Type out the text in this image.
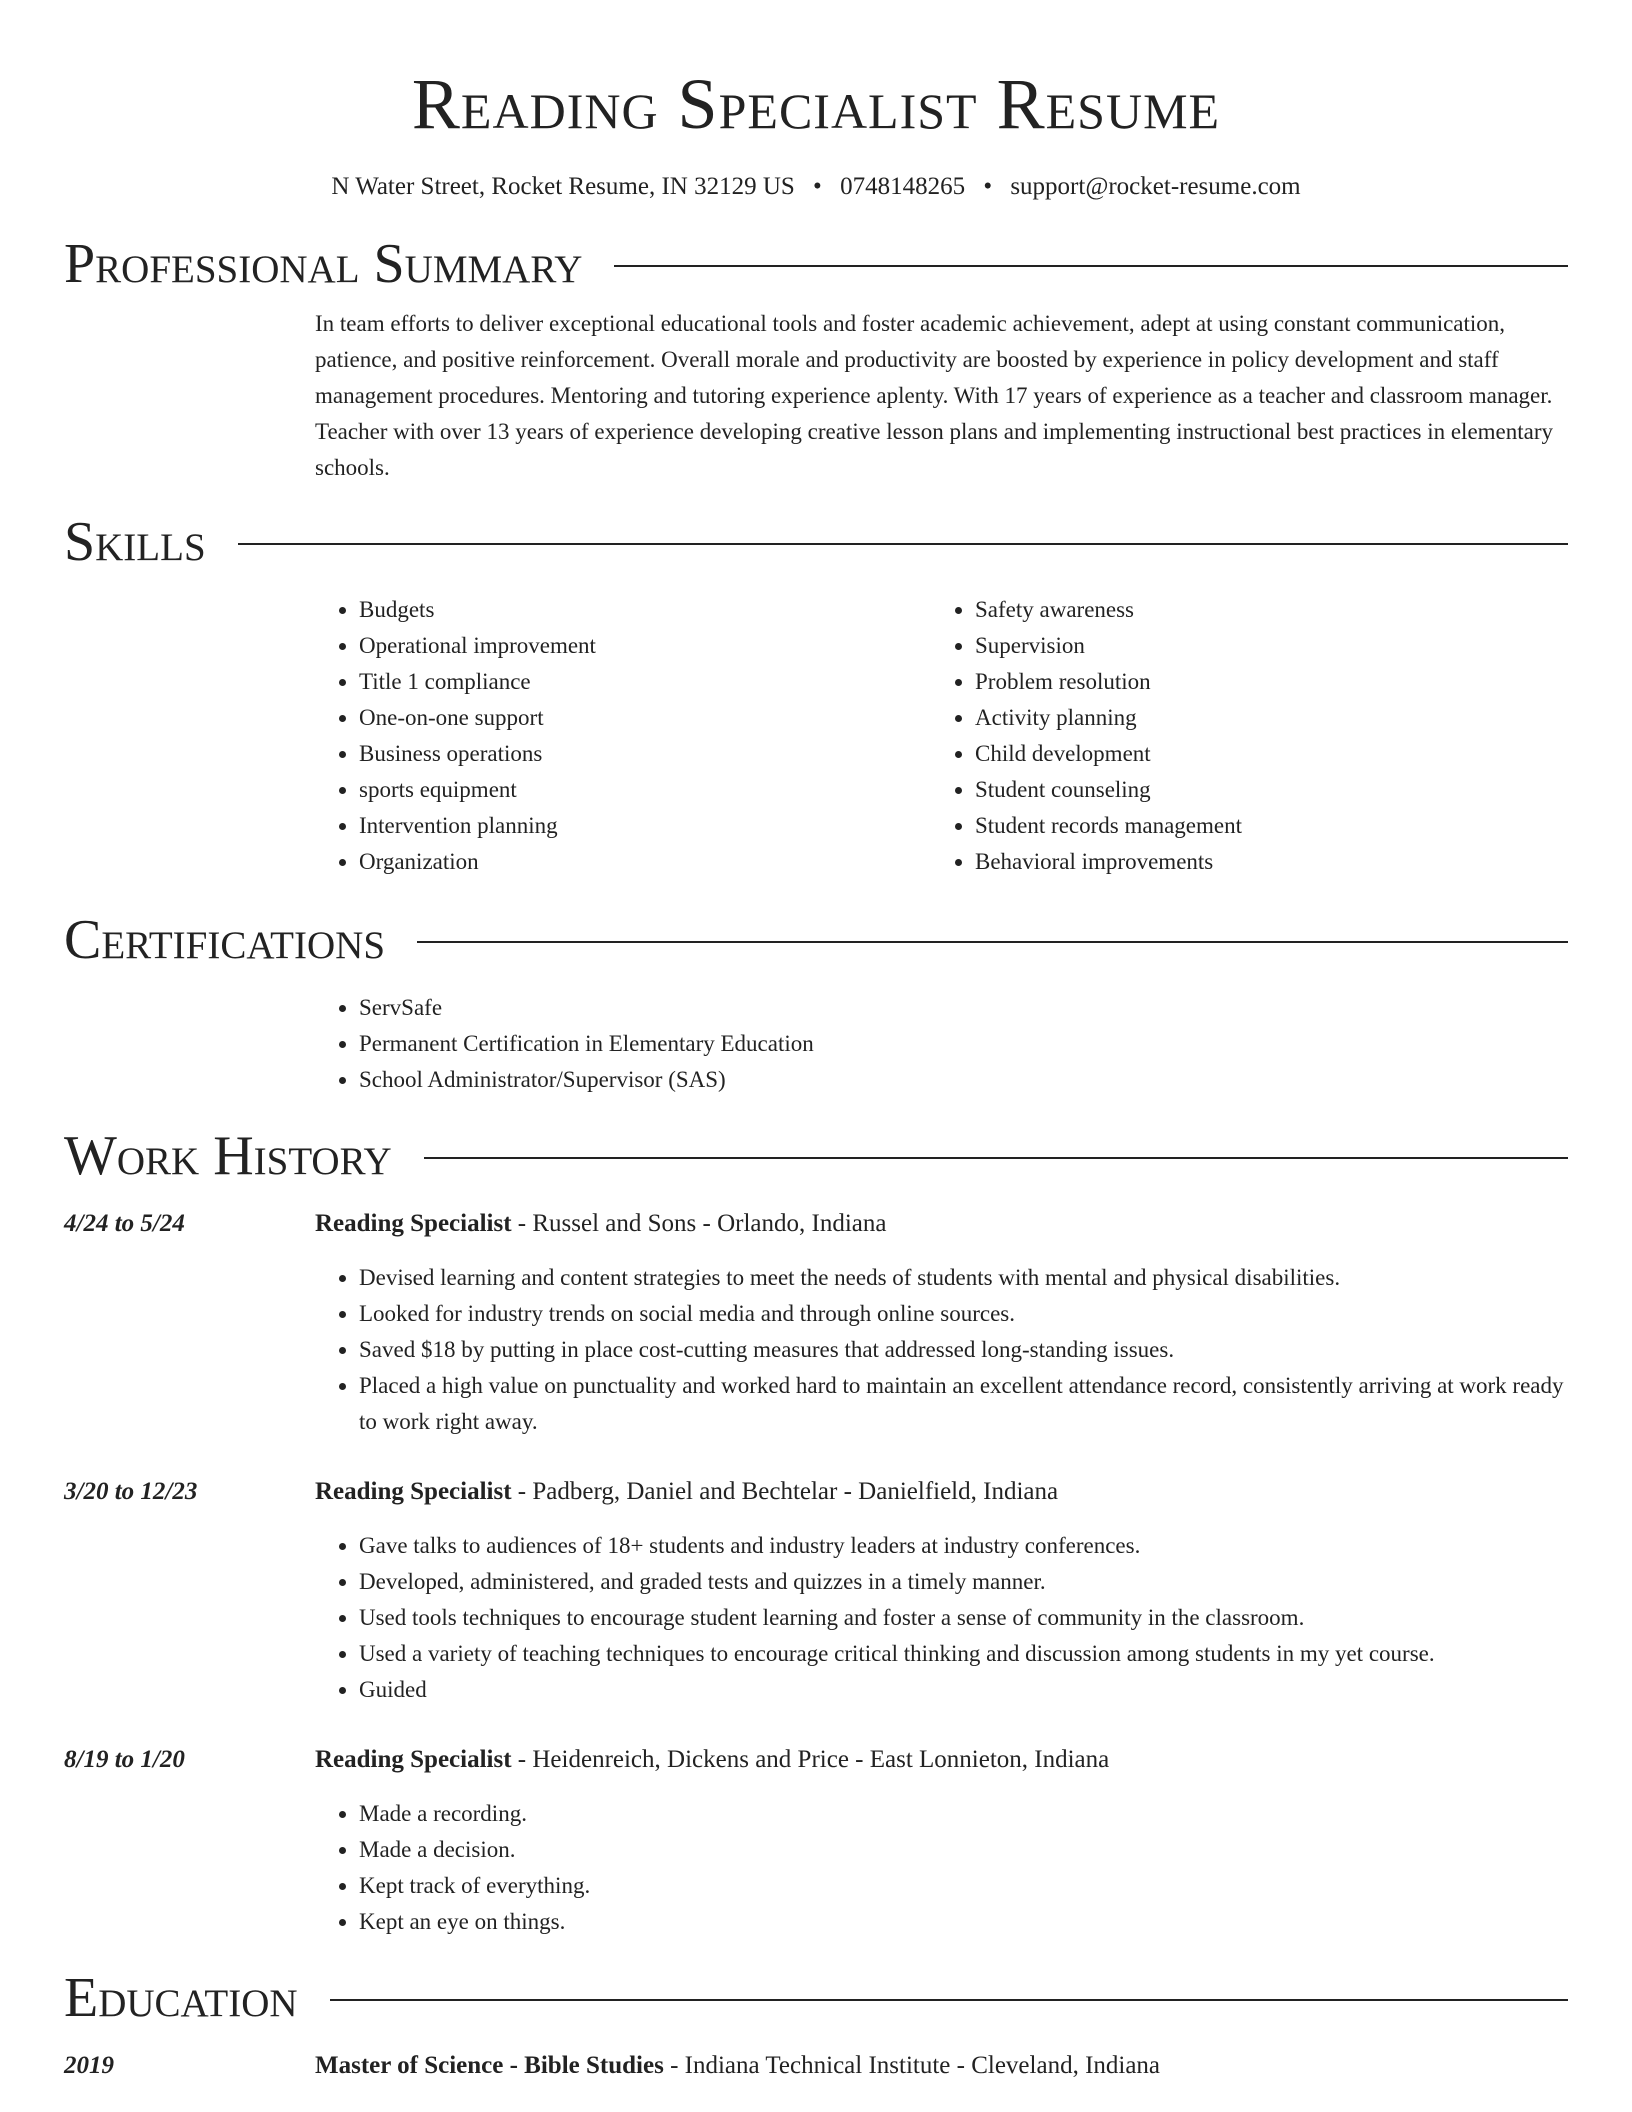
Reading Specialist Resume
N Water Street, Rocket Resume, IN 32129 US • 0748148265 • support@rocket-resume.com
Professional Summary
In team efforts to deliver exceptional educational tools and foster academic achievement, adept at using constant communication, patience, and positive reinforcement. Overall morale and productivity are boosted by experience in policy development and staff management procedures. Mentoring and tutoring experience aplenty. With 17 years of experience as a teacher and classroom manager. Teacher with over 13 years of experience developing creative lesson plans and implementing instructional best practices in elementary schools.
Skills
• Budgets
• Operational improvement
• Title 1 compliance
• One-on-one support
• Business operations
• sports equipment
• Intervention planning
• Organization
• Safety awareness
• Supervision
• Problem resolution
• Activity planning
• Child development
• Student counseling
• Student records management
• Behavioral improvements
Certifications
• ServSafe
• Permanent Certification in Elementary Education
• School Administrator/Supervisor (SAS)
Work History
4/24 to 5/24	Reading Specialist - Russel and Sons - Orlando, Indiana
• Devised learning and content strategies to meet the needs of students with mental and physical disabilities.
• Looked for industry trends on social media and through online sources.
• Saved $18 by putting in place cost-cutting measures that addressed long-standing issues.
• Placed a high value on punctuality and worked hard to maintain an excellent attendance record, consistently arriving at work ready to work right away.
3/20 to 12/23	Reading Specialist - Padberg, Daniel and Bechtelar - Danielfield, Indiana
• Gave talks to audiences of 18+ students and industry leaders at industry conferences.
• Developed, administered, and graded tests and quizzes in a timely manner.
• Used tools techniques to encourage student learning and foster a sense of community in the classroom.
• Used a variety of teaching techniques to encourage critical thinking and discussion among students in my yet course.
• Guided
8/19 to 1/20	Reading Specialist - Heidenreich, Dickens and Price - East Lonnieton, Indiana
• Made a recording.
• Made a decision.
• Kept track of everything.
• Kept an eye on things.
Education
2019	Master of Science - Bible Studies - Indiana Technical Institute - Cleveland, Indiana
